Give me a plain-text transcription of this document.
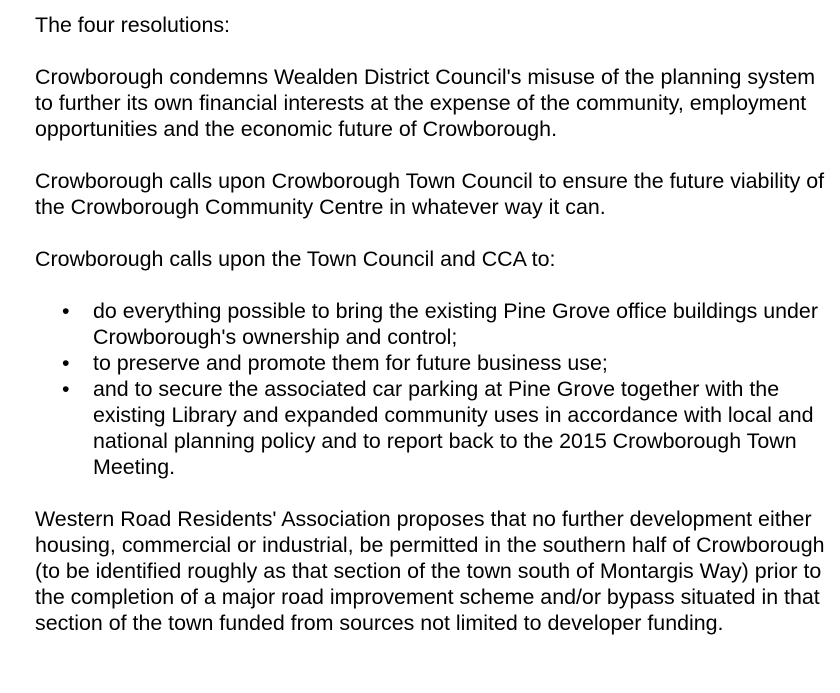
The four resolutions:

Crowborough condemns Wealden District Council's misuse of the planning system to further its own financial interests at the expense of the community, employment opportunities and the economic future of Crowborough.

Crowborough calls upon Crowborough Town Council to ensure the future viability of the Crowborough Community Centre in whatever way it can.

Crowborough calls upon the Town Council and CCA to:

• do everything possible to bring the existing Pine Grove office buildings under Crowborough's ownership and control;
• to preserve and promote them for future business use;
• and to secure the associated car parking at Pine Grove together with the existing Library and expanded community uses in accordance with local and national planning policy and to report back to the 2015 Crowborough Town Meeting.

Western Road Residents' Association proposes that no further development either housing, commercial or industrial, be permitted in the southern half of Crowborough (to be identified roughly as that section of the town south of Montargis Way) prior to the completion of a major road improvement scheme and/or bypass situated in that section of the town funded from sources not limited to developer funding.
